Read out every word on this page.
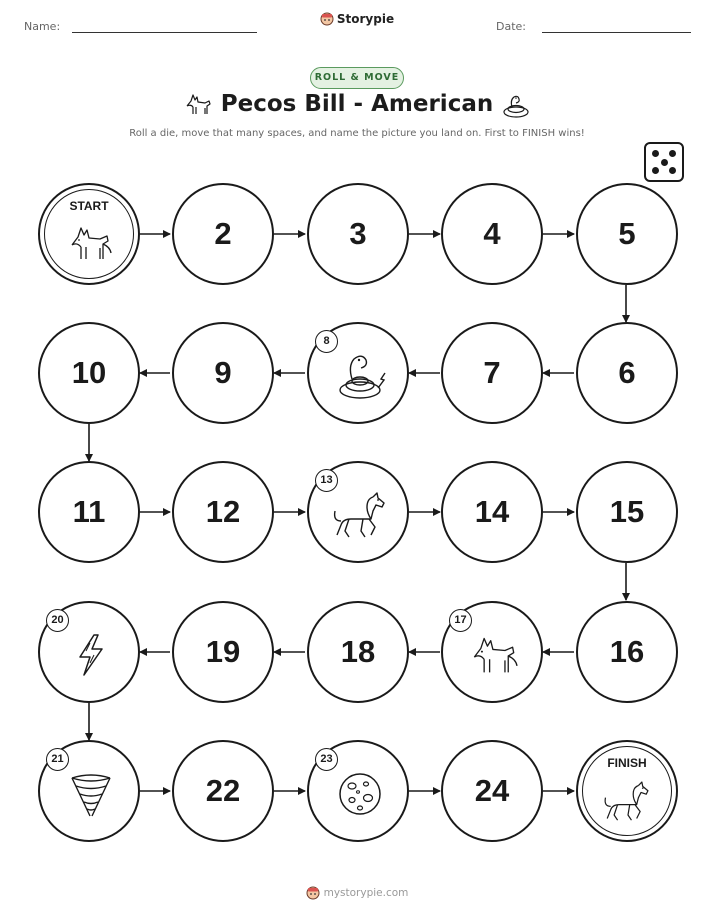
Name:	Date:
Storypie
ROLL & MOVE
Pecos Bill - American
Roll a die, move that many spaces, and name the picture you land on. First to FINISH wins!
START
2	3	4	5
10	9
8
7	6
11	12
13
14	15
20
19	18
17
16
21
22
23
24
FINISH
mystorypie.com
